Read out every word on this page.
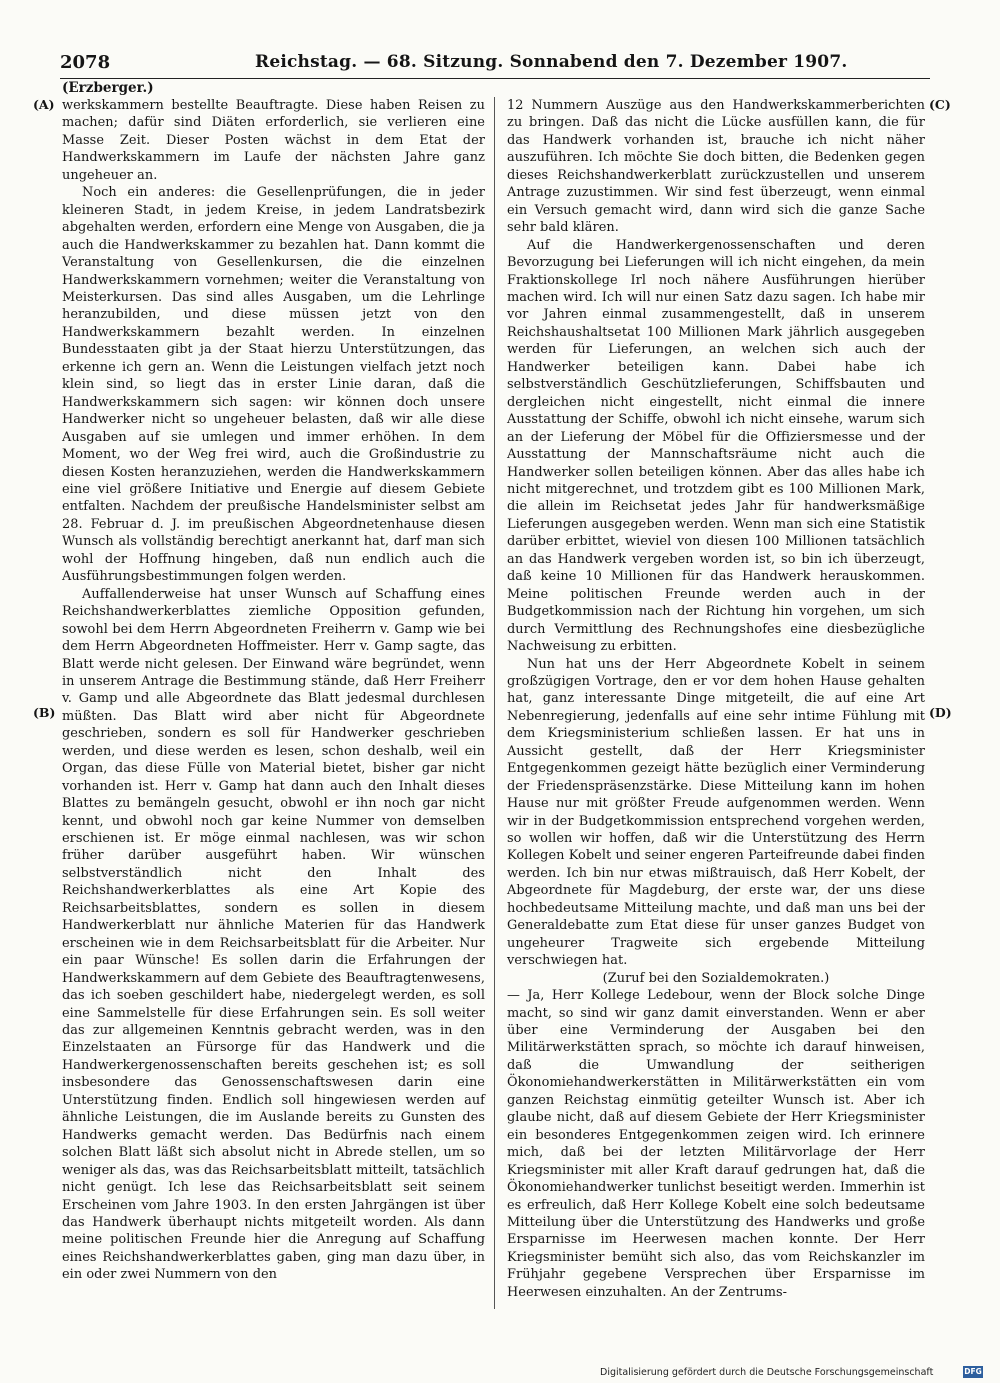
2078	Reichstag. — 68. Sitzung. Sonnabend den 7. Dezember 1907.
(Erzberger.)
(A)
(B)
(C)
(D)

werkskammern bestellte Beauftragte. Diese haben Reisen zu machen; dafür sind Diäten erforderlich, sie verlieren eine Masse Zeit. Dieser Posten wächst in dem Etat der Handwerkskammern im Laufe der nächsten Jahre ganz ungeheuer an.

Noch ein anderes: die Gesellenprüfungen, die in jeder kleineren Stadt, in jedem Kreise, in jedem Landratsbezirk abgehalten werden, erfordern eine Menge von Ausgaben, die ja auch die Handwerkskammer zu bezahlen hat. Dann kommt die Veranstaltung von Gesellenkursen, die die einzelnen Handwerkskammern vornehmen; weiter die Veranstaltung von Meisterkursen. Das sind alles Ausgaben, um die Lehrlinge heranzubilden, und diese müssen jetzt von den Handwerkskammern bezahlt werden. In einzelnen Bundesstaaten gibt ja der Staat hierzu Unterstützungen, das erkenne ich gern an. Wenn die Leistungen vielfach jetzt noch klein sind, so liegt das in erster Linie daran, daß die Handwerkskammern sich sagen: wir können doch unsere Handwerker nicht so ungeheuer belasten, daß wir alle diese Ausgaben auf sie umlegen und immer erhöhen. In dem Moment, wo der Weg frei wird, auch die Großindustrie zu diesen Kosten heranzuziehen, werden die Handwerkskammern eine viel größere Initiative und Energie auf diesem Gebiete entfalten. Nachdem der preußische Handelsminister selbst am 28. Februar d. J. im preußischen Abgeordnetenhause diesen Wunsch als vollständig berechtigt anerkannt hat, darf man sich wohl der Hoffnung hingeben, daß nun endlich auch die Ausführungsbestimmungen folgen werden.

Auffallenderweise hat unser Wunsch auf Schaffung eines Reichshandwerkerblattes ziemliche Opposition gefunden, sowohl bei dem Herrn Abgeordneten Freiherrn v. Gamp wie bei dem Herrn Abgeordneten Hoffmeister. Herr v. Gamp sagte, das Blatt werde nicht gelesen. Der Einwand wäre begründet, wenn in unserem Antrage die Bestimmung stände, daß Herr Freiherr v. Gamp und alle Abgeordnete das Blatt jedesmal durchlesen müßten. Das Blatt wird aber nicht für Abgeordnete geschrieben, sondern es soll für Handwerker geschrieben werden, und diese werden es lesen, schon deshalb, weil ein Organ, das diese Fülle von Material bietet, bisher gar nicht vorhanden ist. Herr v. Gamp hat dann auch den Inhalt dieses Blattes zu bemängeln gesucht, obwohl er ihn noch gar nicht kennt, und obwohl noch gar keine Nummer von demselben erschienen ist. Er möge einmal nachlesen, was wir schon früher darüber ausgeführt haben. Wir wünschen selbstverständlich nicht den Inhalt des Reichshandwerkerblattes als eine Art Kopie des Reichsarbeitsblattes, sondern es sollen in diesem Handwerkerblatt nur ähnliche Materien für das Handwerk erscheinen wie in dem Reichsarbeitsblatt für die Arbeiter. Nur ein paar Wünsche! Es sollen darin die Erfahrungen der Handwerkskammern auf dem Gebiete des Beauftragtenwesens, das ich soeben geschildert habe, niedergelegt werden, es soll eine Sammelstelle für diese Erfahrungen sein. Es soll weiter das zur allgemeinen Kenntnis gebracht werden, was in den Einzelstaaten an Fürsorge für das Handwerk und die Handwerkergenossenschaften bereits geschehen ist; es soll insbesondere das Genossenschaftswesen darin eine Unterstützung finden. Endlich soll hingewiesen werden auf ähnliche Leistungen, die im Auslande bereits zu Gunsten des Handwerks gemacht werden. Das Bedürfnis nach einem solchen Blatt läßt sich absolut nicht in Abrede stellen, um so weniger als das, was das Reichsarbeitsblatt mitteilt, tatsächlich nicht genügt. Ich lese das Reichsarbeitsblatt seit seinem Erscheinen vom Jahre 1903. In den ersten Jahrgängen ist über das Handwerk überhaupt nichts mitgeteilt worden. Als dann meine politischen Freunde hier die Anregung auf Schaffung eines Reichshandwerkerblattes gaben, ging man dazu über, in ein oder zwei Nummern von den

12 Nummern Auszüge aus den Handwerkskammerberichten zu bringen. Daß das nicht die Lücke ausfüllen kann, die für das Handwerk vorhanden ist, brauche ich nicht näher auszuführen. Ich möchte Sie doch bitten, die Bedenken gegen dieses Reichshandwerkerblatt zurückzustellen und unserem Antrage zuzustimmen. Wir sind fest überzeugt, wenn einmal ein Versuch gemacht wird, dann wird sich die ganze Sache sehr bald klären.

Auf die Handwerkergenossenschaften und deren Bevorzugung bei Lieferungen will ich nicht eingehen, da mein Fraktionskollege Irl noch nähere Ausführungen hierüber machen wird. Ich will nur einen Satz dazu sagen. Ich habe mir vor Jahren einmal zusammengestellt, daß in unserem Reichshaushaltsetat 100 Millionen Mark jährlich ausgegeben werden für Lieferungen, an welchen sich auch der Handwerker beteiligen kann. Dabei habe ich selbstverständlich Geschützlieferungen, Schiffsbauten und dergleichen nicht eingestellt, nicht einmal die innere Ausstattung der Schiffe, obwohl ich nicht einsehe, warum sich an der Lieferung der Möbel für die Offiziersmesse und der Ausstattung der Mannschaftsräume nicht auch die Handwerker sollen beteiligen können. Aber das alles habe ich nicht mitgerechnet, und trotzdem gibt es 100 Millionen Mark, die allein im Reichsetat jedes Jahr für handwerksmäßige Lieferungen ausgegeben werden. Wenn man sich eine Statistik darüber erbittet, wieviel von diesen 100 Millionen tatsächlich an das Handwerk vergeben worden ist, so bin ich überzeugt, daß keine 10 Millionen für das Handwerk herauskommen. Meine politischen Freunde werden auch in der Budgetkommission nach der Richtung hin vorgehen, um sich durch Vermittlung des Rechnungshofes eine diesbezügliche Nachweisung zu erbitten.

Nun hat uns der Herr Abgeordnete Kobelt in seinem großzügigen Vortrage, den er vor dem hohen Hause gehalten hat, ganz interessante Dinge mitgeteilt, die auf eine Art Nebenregierung, jedenfalls auf eine sehr intime Fühlung mit dem Kriegsministerium schließen lassen. Er hat uns in Aussicht gestellt, daß der Herr Kriegsminister Entgegenkommen gezeigt hätte bezüglich einer Verminderung der Friedenspräsenzstärke. Diese Mitteilung kann im hohen Hause nur mit größter Freude aufgenommen werden. Wenn wir in der Budgetkommission entsprechend vorgehen werden, so wollen wir hoffen, daß wir die Unterstützung des Herrn Kollegen Kobelt und seiner engeren Parteifreunde dabei finden werden. Ich bin nur etwas mißtrauisch, daß Herr Kobelt, der Abgeordnete für Magdeburg, der erste war, der uns diese hochbedeutsame Mitteilung machte, und daß man uns bei der Generaldebatte zum Etat diese für unser ganzes Budget von ungeheurer Tragweite sich ergebende Mitteilung verschwiegen hat.

(Zuruf bei den Sozialdemokraten.)

— Ja, Herr Kollege Ledebour, wenn der Block solche Dinge macht, so sind wir ganz damit einverstanden. Wenn er aber über eine Verminderung der Ausgaben bei den Militärwerkstätten sprach, so möchte ich darauf hinweisen, daß die Umwandlung der seitherigen Ökonomiehandwerkerstätten in Militärwerkstätten ein vom ganzen Reichstag einmütig geteilter Wunsch ist. Aber ich glaube nicht, daß auf diesem Gebiete der Herr Kriegsminister ein besonderes Entgegenkommen zeigen wird. Ich erinnere mich, daß bei der letzten Militärvorlage der Herr Kriegsminister mit aller Kraft darauf gedrungen hat, daß die Ökonomiehandwerker tunlichst beseitigt werden. Immerhin ist es erfreulich, daß Herr Kollege Kobelt eine solch bedeutsame Mitteilung über die Unterstützung des Handwerks und große Ersparnisse im Heerwesen machen konnte. Der Herr Kriegsminister bemüht sich also, das vom Reichskanzler im Frühjahr gegebene Versprechen über Ersparnisse im Heerwesen einzuhalten. An der Zentrums-

Digitalisierung gefördert durch die Deutsche Forschungsgemeinschaft	DFG
